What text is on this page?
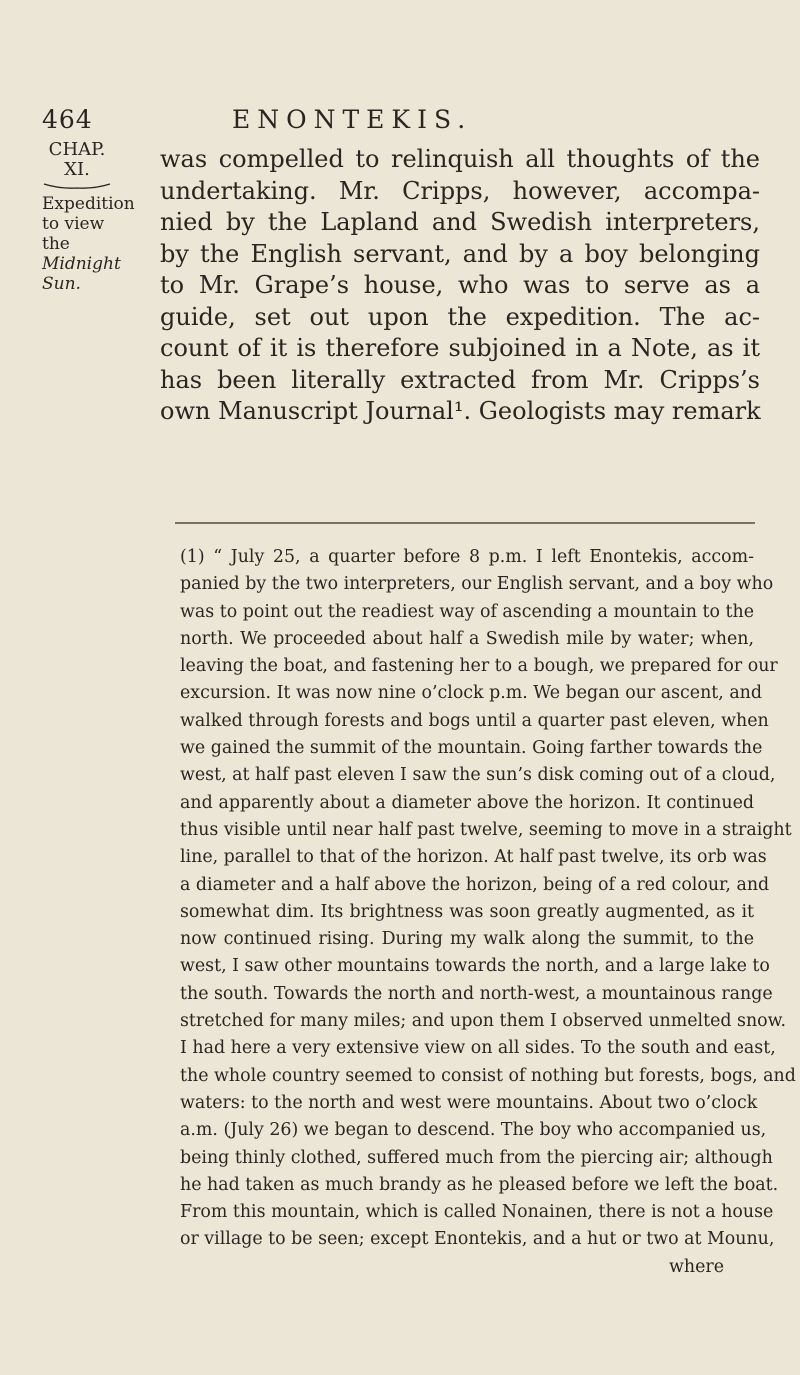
464	ENONTEKIS.
CHAP.
XI.
Expedition
to view the
Midnight
Sun.
was compelled to relinquish all thoughts of the
undertaking. Mr. Cripps, however, accompa-
nied by the Lapland and Swedish interpreters,
by the English servant, and by a boy belonging
to Mr. Grape’s house, who was to serve as a
guide, set out upon the expedition. The ac-
count of it is therefore subjoined in a Note, as it
has been literally extracted from Mr. Cripps’s
own Manuscript Journal¹. Geologists may remark
(1) “ July 25, a quarter before 8 p.m. I left Enontekis, accom-
panied by the two interpreters, our English servant, and a boy who
was to point out the readiest way of ascending a mountain to the
north. We proceeded about half a Swedish mile by water; when,
leaving the boat, and fastening her to a bough, we prepared for our
excursion. It was now nine o’clock p.m. We began our ascent, and
walked through forests and bogs until a quarter past eleven, when
we gained the summit of the mountain. Going farther towards the
west, at half past eleven I saw the sun’s disk coming out of a cloud,
and apparently about a diameter above the horizon. It continued
thus visible until near half past twelve, seeming to move in a straight
line, parallel to that of the horizon. At half past twelve, its orb was
a diameter and a half above the horizon, being of a red colour, and
somewhat dim. Its brightness was soon greatly augmented, as it
now continued rising. During my walk along the summit, to the
west, I saw other mountains towards the north, and a large lake to
the south. Towards the north and north-west, a mountainous range
stretched for many miles; and upon them I observed unmelted snow.
I had here a very extensive view on all sides. To the south and east,
the whole country seemed to consist of nothing but forests, bogs, and
waters: to the north and west were mountains. About two o’clock
a.m. (July 26) we began to descend. The boy who accompanied us,
being thinly clothed, suffered much from the piercing air; although
he had taken as much brandy as he pleased before we left the boat.
From this mountain, which is called Nonainen, there is not a house
or village to be seen; except Enontekis, and a hut or two at Mounu,
where
